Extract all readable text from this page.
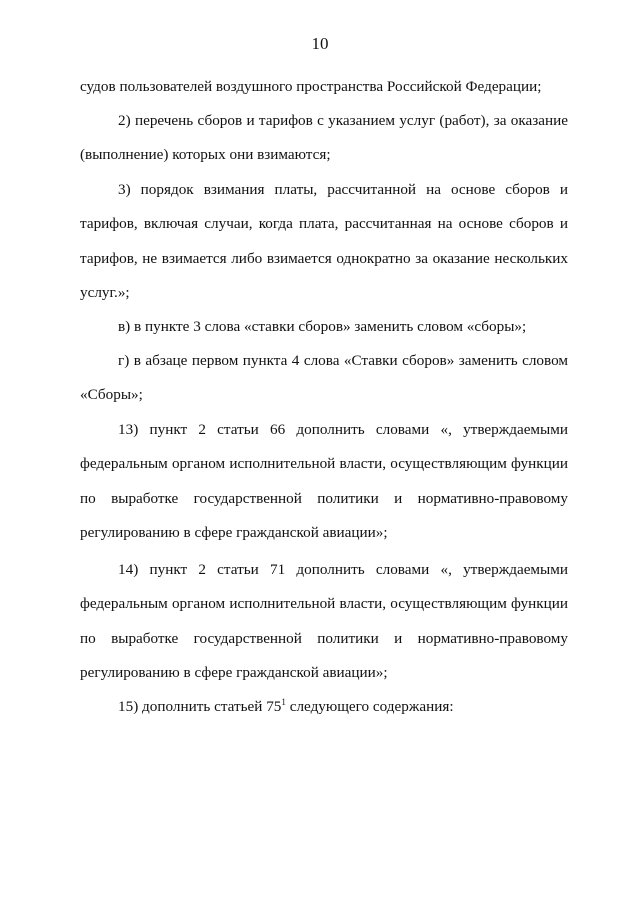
10

судов пользователей воздушного пространства Российской Федерации;

2) перечень сборов и тарифов с указанием услуг (работ), за оказание (выполнение) которых они взимаются;

3) порядок взимания платы, рассчитанной на основе сборов и тарифов, включая случаи, когда плата, рассчитанная на основе сборов и тарифов, не взимается либо взимается однократно за оказание нескольких услуг.»;

в) в пункте 3 слова «ставки сборов» заменить словом «сборы»;

г) в абзаце первом пункта 4 слова «Ставки сборов» заменить словом «Сборы»;

13) пункт 2 статьи 66 дополнить словами «, утверждаемыми федеральным органом исполнительной власти, осуществляющим функции по выработке государственной политики и нормативно-правовому регулированию в сфере гражданской авиации»;

14) пункт 2 статьи 71 дополнить словами «, утверждаемыми федеральным органом исполнительной власти, осуществляющим функции по выработке государственной политики и нормативно-правовому регулированию в сфере гражданской авиации»;

15) дополнить статьей $75^1$ следующего содержания:
